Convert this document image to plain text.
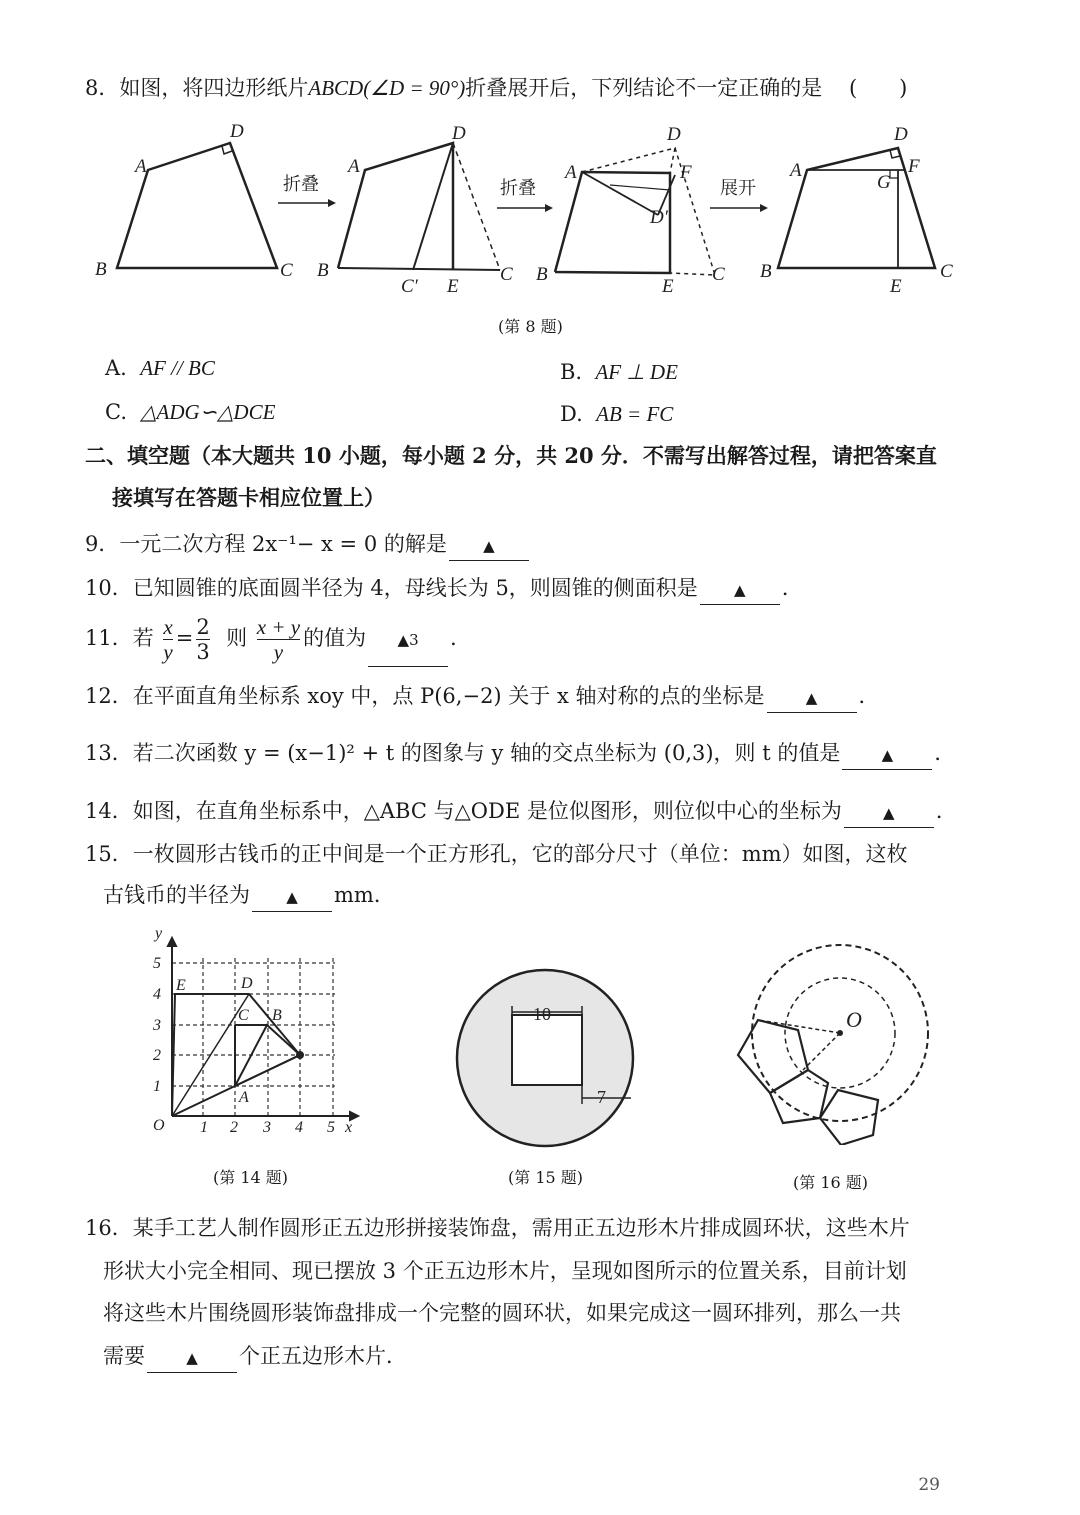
8．如图，将四边形纸片ABCD(∠D = 90°)折叠展开后，下列结论不一定正确的是 (　　)
A
D
B	C
A
D
B
C′ E
C
A
D
F
D′
B
E
C
A
D
F
G
B
E
C
折叠	折叠	展开
(第 8 题)
A. AF // BC	B. AF ⊥ DE
C. △ADG∽△DCE	D. AB = FC
二、填空题（本大题共 10 小题，每小题 2 分，共 20 分．不需写出解答过程，请把答案直
接填写在答题卡相应位置上）
9．一元二次方程 2x⁻¹− x = 0 的解是 ▲
10．已知圆锥的底面圆半径为 4，母线长为 5，则圆锥的侧面积是 ▲ ．
11．若 $\frac{x}{y} = \frac{2}{3}$ 则 $\frac{x + y}{y}$ 的值为 ▲3 ．
12．在平面直角坐标系 xoy 中，点 P(6,−2) 关于 x 轴对称的点的坐标是	▲ ．
13．若二次函数 y = (x−1)² + t 的图象与 y 轴的交点坐标为 (0,3)，则 t 的值是	▲ ．
14．如图，在直角坐标系中，△ABC 与△ODE 是位似图形，则位似中心的坐标为	▲ ．
15．一枚圆形古钱币的正中间是一个正方形孔，它的部分尺寸（单位：mm）如图，这枚
古钱币的半径为 ▲ mm．
y
5
4
3
2
1
O 1 2 3 4 5 x
E	D
C B
A
(第 14 题)
10
7
(第 15 题)
O
(第 16 题)
16．某手工艺人制作圆形正五边形拼接装饰盘，需用正五边形木片排成圆环状，这些木片
形状大小完全相同、现已摆放 3 个正五边形木片，呈现如图所示的位置关系，目前计划
将这些木片围绕圆形装饰盘排成一个完整的圆环状，如果完成这一圆环排列，那么一共
需要	▲ 个正五边形木片．
29
